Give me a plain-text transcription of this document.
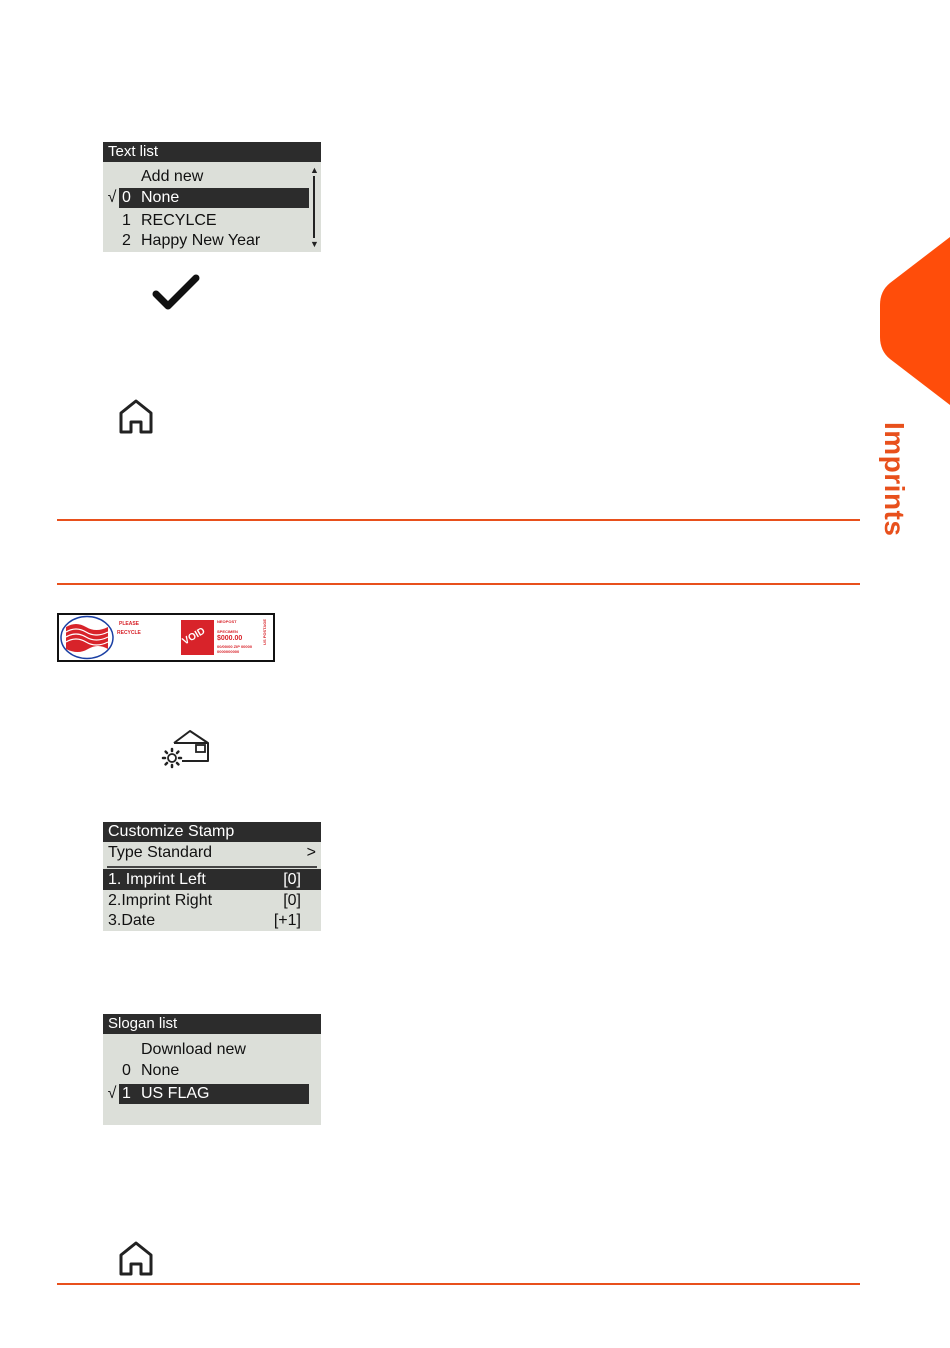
Text list
Add new
√ 0 None
1 RECYLCE
2 Happy New Year
▲
▼
Imprints
PLEASE
RECYCLE	VOID
NEOPOST
SPECIMEN
$000.00
00/00/00 ZIP 00000
0000000000
US POSTAGE
Customize Stamp
Type Standard	>
1. Imprint Left	[0]
2.Imprint Right	[0]
3.Date	[+1]
Slogan list
Download new
0 None
√ 1 US FLAG
